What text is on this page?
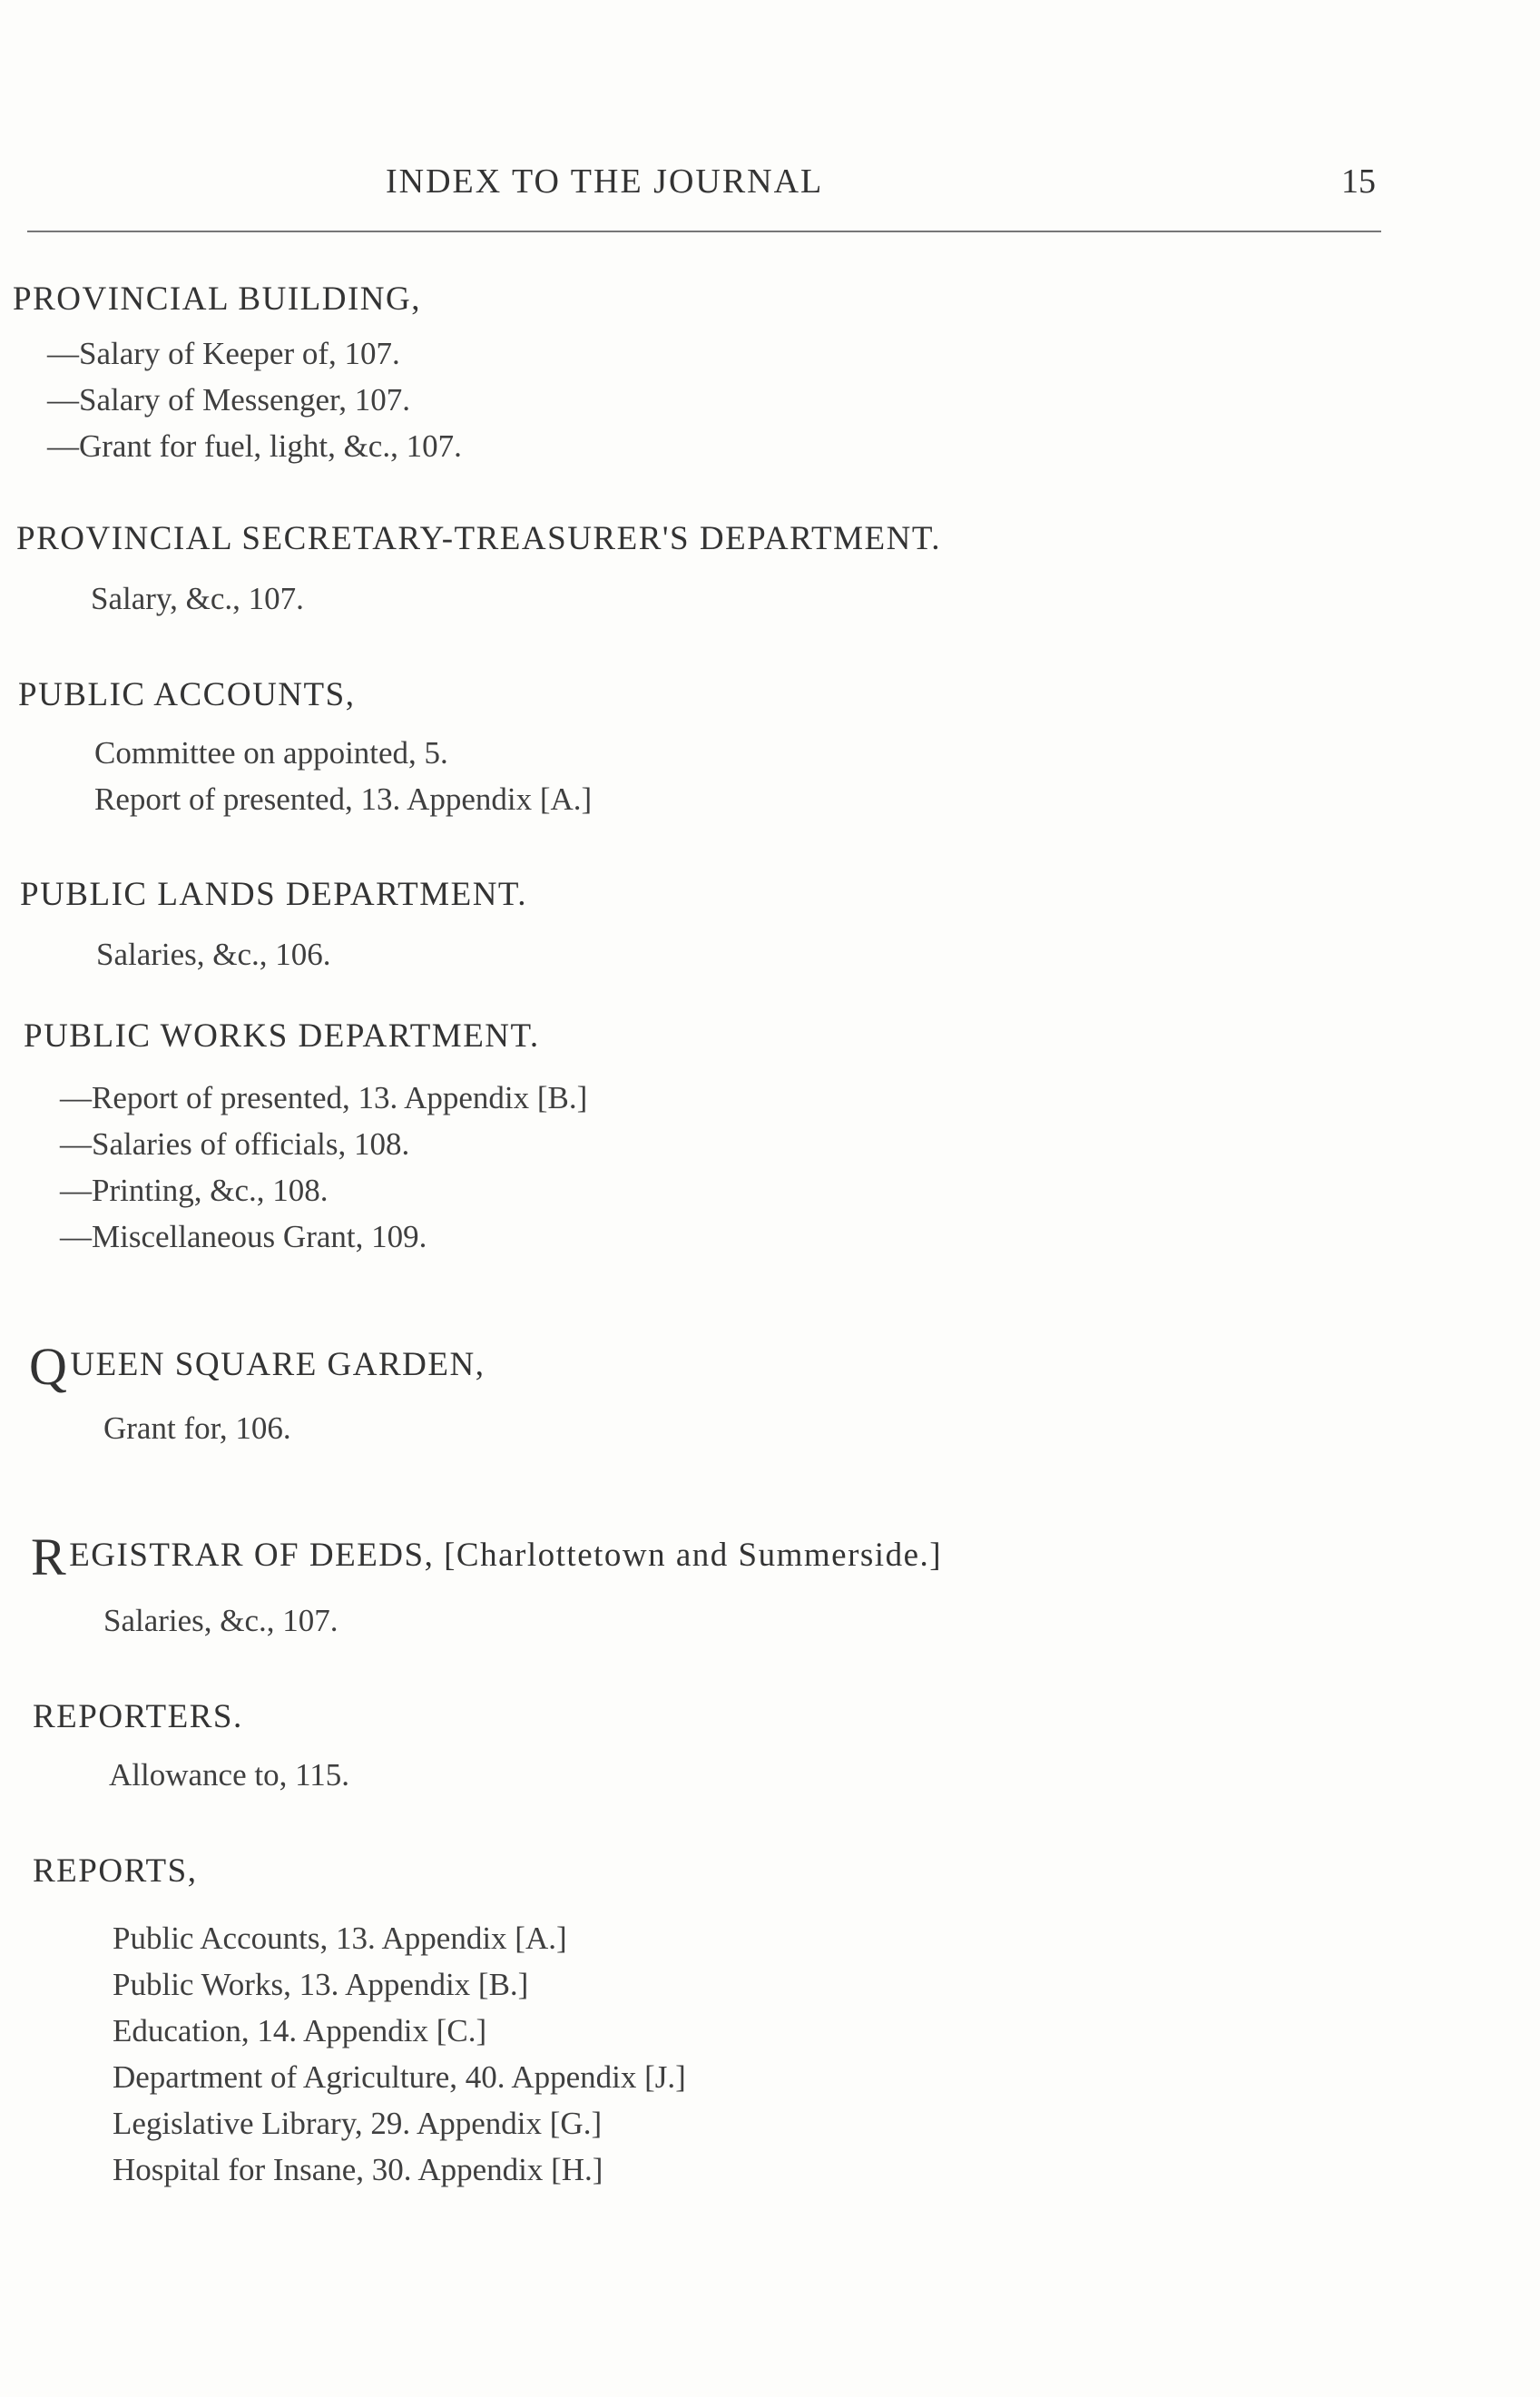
INDEX TO THE JOURNAL	15
PROVINCIAL BUILDING,
—Salary of Keeper of, 107.
—Salary of Messenger, 107.
—Grant for fuel, light, &c., 107.
PROVINCIAL SECRETARY-TREASURER'S DEPARTMENT.
Salary, &c., 107.
PUBLIC ACCOUNTS,
Committee on appointed, 5.
Report of presented, 13. Appendix [A.]
PUBLIC LANDS DEPARTMENT.
Salaries, &c., 106.
PUBLIC WORKS DEPARTMENT.
—Report of presented, 13. Appendix [B.]
—Salaries of officials, 108.
—Printing, &c., 108.
—Miscellaneous Grant, 109.
QUEEN SQUARE GARDEN,
Grant for, 106.
REGISTRAR OF DEEDS, [Charlottetown and Summerside.]
Salaries, &c., 107.
REPORTERS.
Allowance to, 115.
REPORTS,
Public Accounts, 13. Appendix [A.]
Public Works, 13. Appendix [B.]
Education, 14. Appendix [C.]
Department of Agriculture, 40. Appendix [J.]
Legislative Library, 29. Appendix [G.]
Hospital for Insane, 30. Appendix [H.]
